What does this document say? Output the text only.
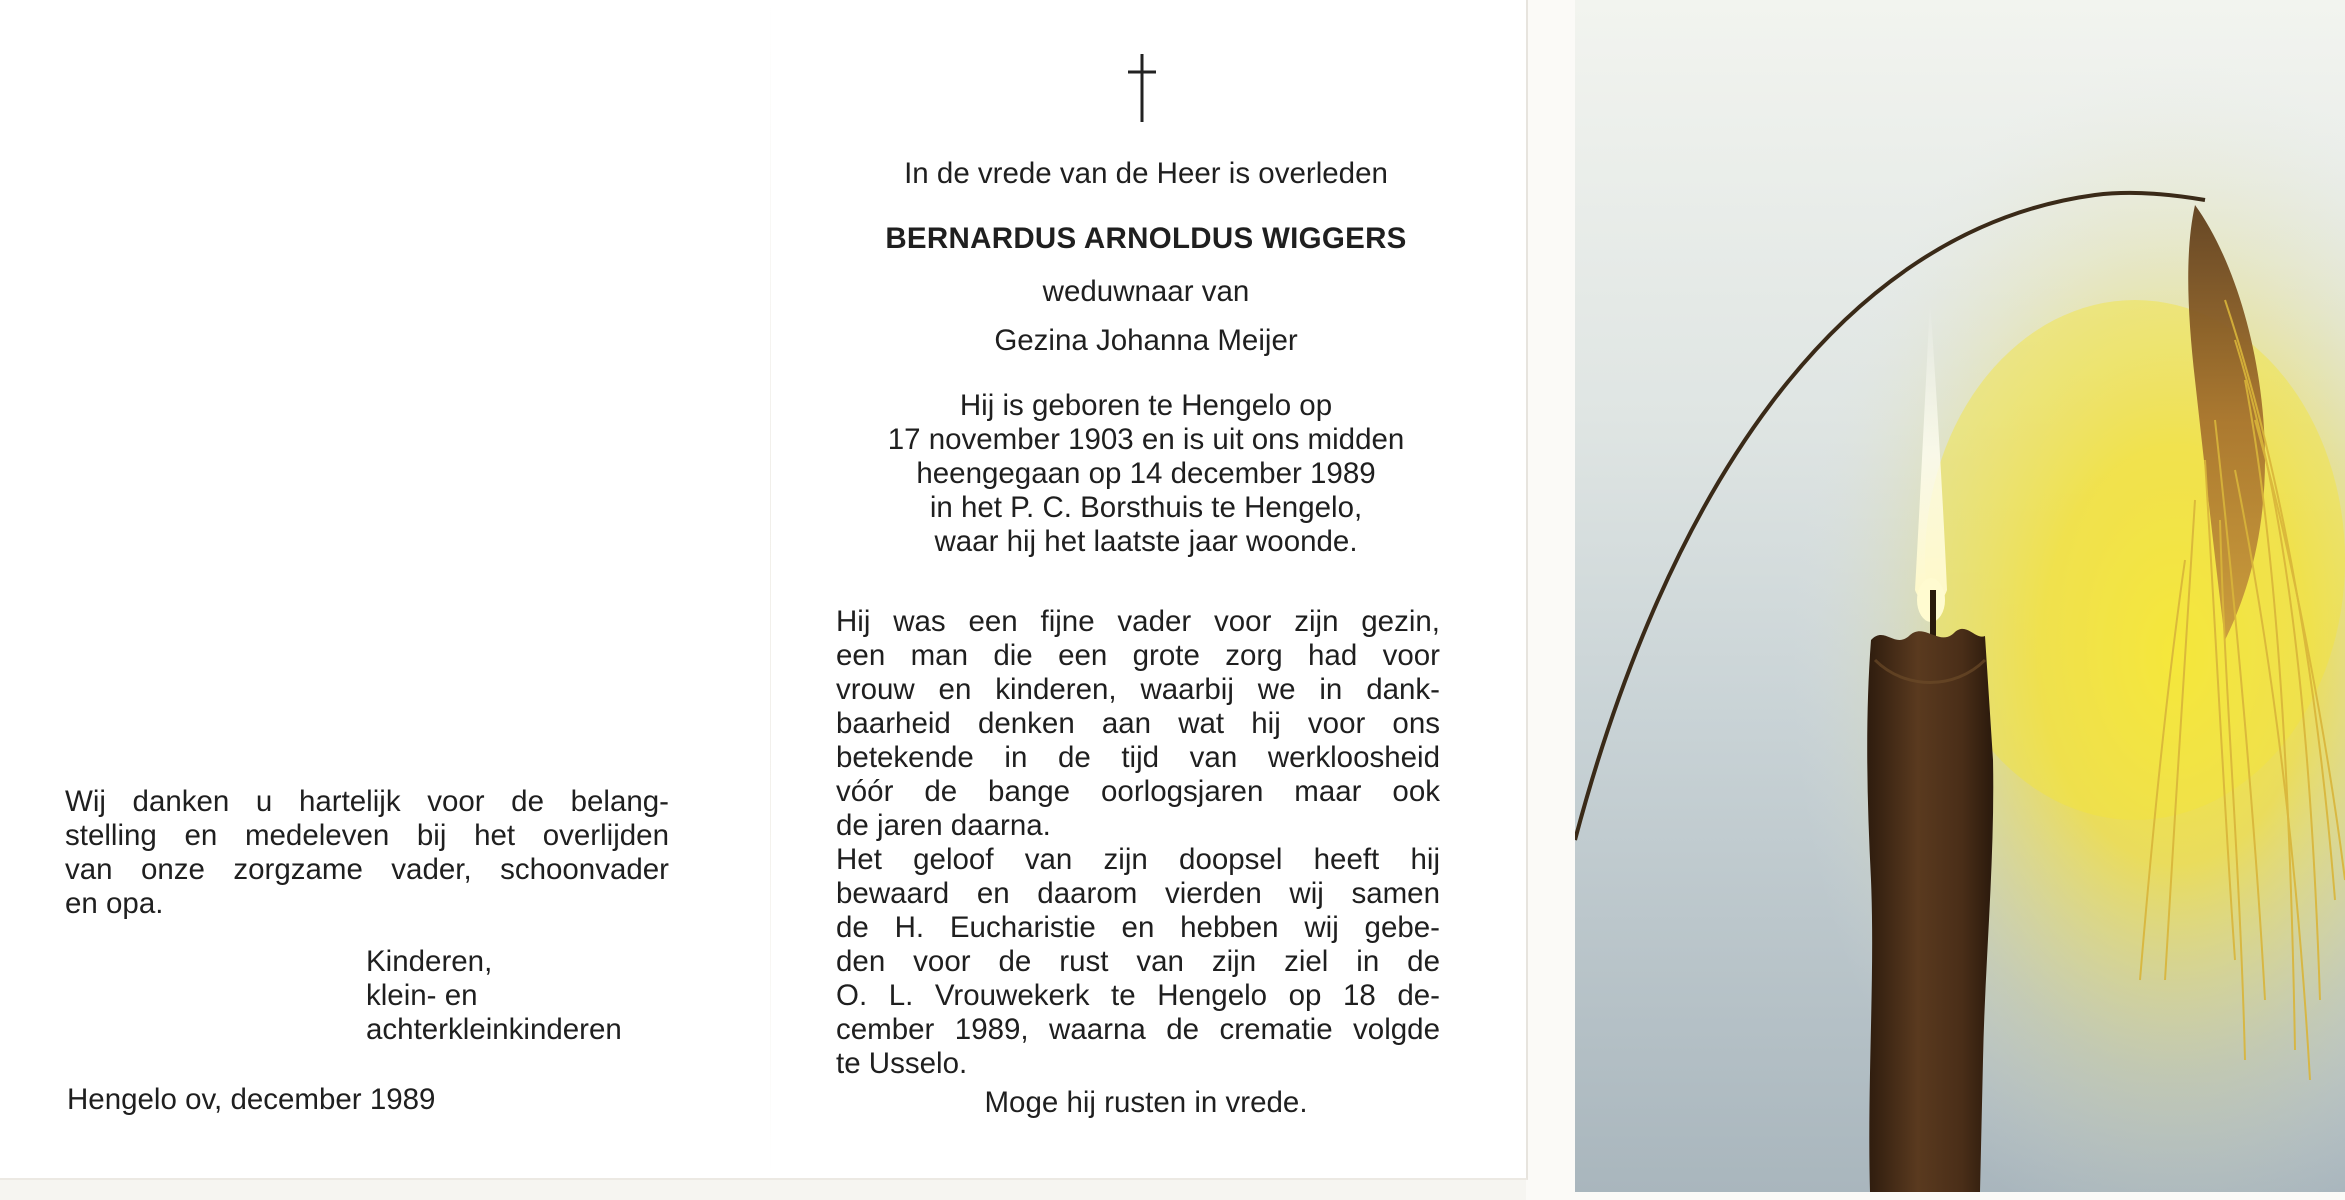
In de vrede van de Heer is overleden
BERNARDUS ARNOLDUS WIGGERS
weduwnaar van
Gezina Johanna Meijer
Hij is geboren te Hengelo op
17 november 1903 en is uit ons midden
heengegaan op 14 december 1989
in het P. C. Borsthuis te Hengelo,
waar hij het laatste jaar woonde.
Hij was een fijne vader voor zijn gezin,
een man die een grote zorg had voor
vrouw en kinderen, waarbij we in dank-
baarheid denken aan wat hij voor ons
betekende in de tijd van werkloosheid
vóór de bange oorlogsjaren maar ook
de jaren daarna.
Het geloof van zijn doopsel heeft hij
bewaard en daarom vierden wij samen
de H. Eucharistie en hebben wij gebe-
den voor de rust van zijn ziel in de
O. L. Vrouwekerk te Hengelo op 18 de-
cember 1989, waarna de crematie volgde
te Usselo.
Moge hij rusten in vrede.
Wij danken u hartelijk voor de belang-
stelling en medeleven bij het overlijden
van onze zorgzame vader, schoonvader
en opa.
Kinderen,
klein- en
achterkleinkinderen
Hengelo ov, december 1989
